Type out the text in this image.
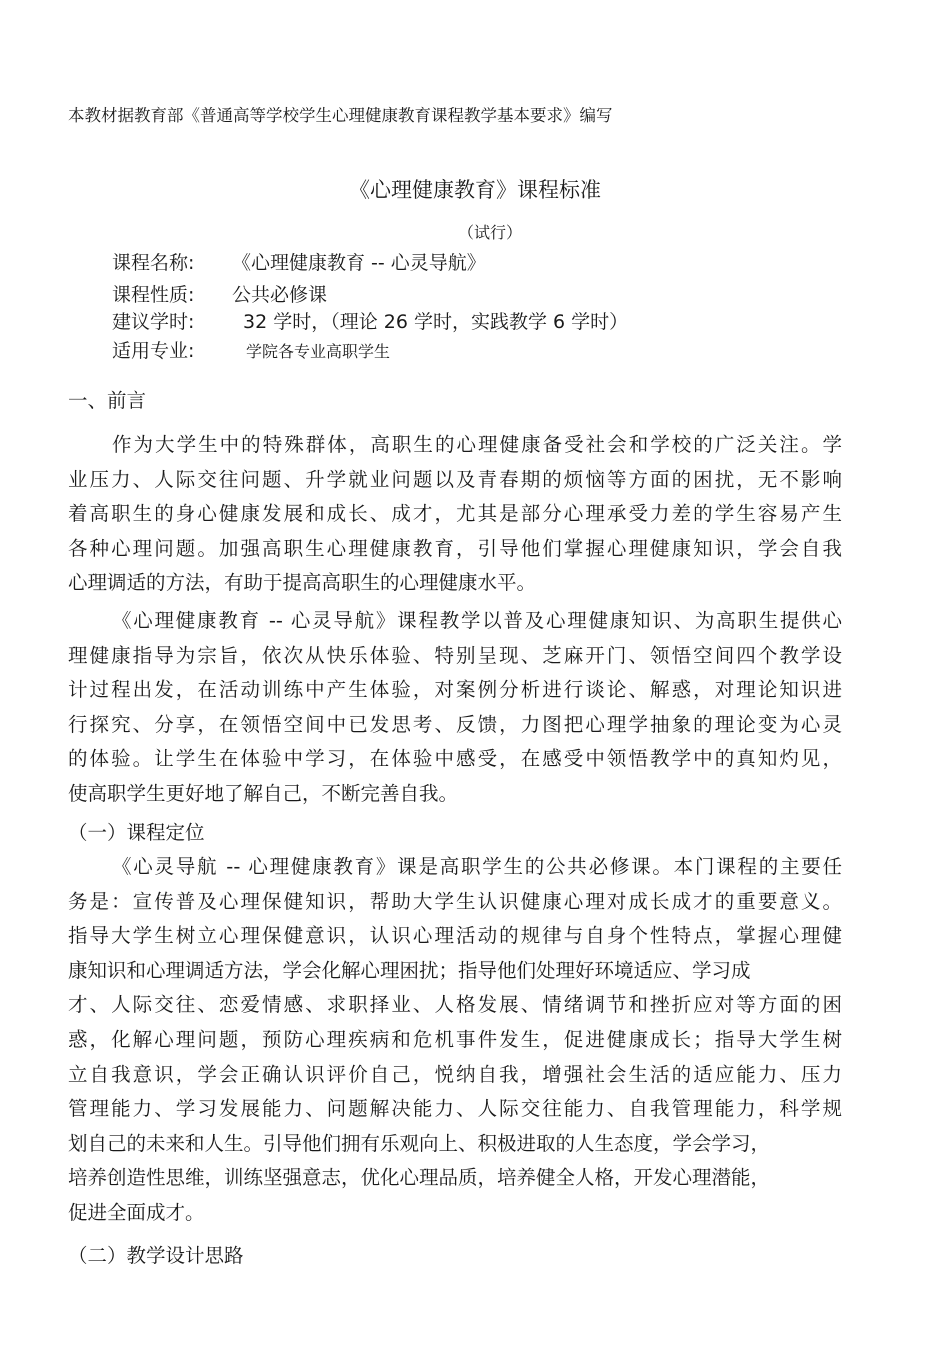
本教材据教育部《普通高等学校学生心理健康教育课程教学基本要求》编写
《心理健康教育》课程标准
（试行）
课程名称: 《心理健康教育 -- 心灵导航》
课程性质: 公共必修课
建议学时:	32 学时，（理论 26 学时，实践教学 6 学时）
适用专业:	学院各专业高职学生
一、前言
作为大学生中的特殊群体，高职生的心理健康备受社会和学校的广泛关注。学
业压力、人际交往问题、升学就业问题以及青春期的烦恼等方面的困扰，无不影响
着高职生的身心健康发展和成长、成才，尤其是部分心理承受力差的学生容易产生
各种心理问题。加强高职生心理健康教育，引导他们掌握心理健康知识，学会自我
心理调适的方法，有助于提高高职生的心理健康水平。
《心理健康教育 -- 心灵导航》课程教学以普及心理健康知识、为高职生提供心
理健康指导为宗旨，依次从快乐体验、特别呈现、芝麻开门、领悟空间四个教学设
计过程出发，在活动训练中产生体验，对案例分析进行谈论、解惑，对理论知识进
行探究、分享，在领悟空间中已发思考、反馈，力图把心理学抽象的理论变为心灵
的体验。让学生在体验中学习，在体验中感受，在感受中领悟教学中的真知灼见，
使高职学生更好地了解自己，不断完善自我。
（一）课程定位
《心灵导航 -- 心理健康教育》课是高职学生的公共必修课。本门课程的主要任
务是：宣传普及心理保健知识，帮助大学生认识健康心理对成长成才的重要意义。
指导大学生树立心理保健意识，认识心理活动的规律与自身个性特点，掌握心理健
康知识和心理调适方法，学会化解心理困扰；指导他们处理好环境适应、学习成
才、人际交往、恋爱情感、求职择业、人格发展、情绪调节和挫折应对等方面的困
惑，化解心理问题，预防心理疾病和危机事件发生，促进健康成长；指导大学生树
立自我意识，学会正确认识评价自己，悦纳自我，增强社会生活的适应能力、压力
管理能力、学习发展能力、问题解决能力、人际交往能力、自我管理能力，科学规
划自己的未来和人生。引导他们拥有乐观向上、积极进取的人生态度，学会学习，
培养创造性思维，训练坚强意志，优化心理品质，培养健全人格，开发心理潜能，
促进全面成才。
（二）教学设计思路
